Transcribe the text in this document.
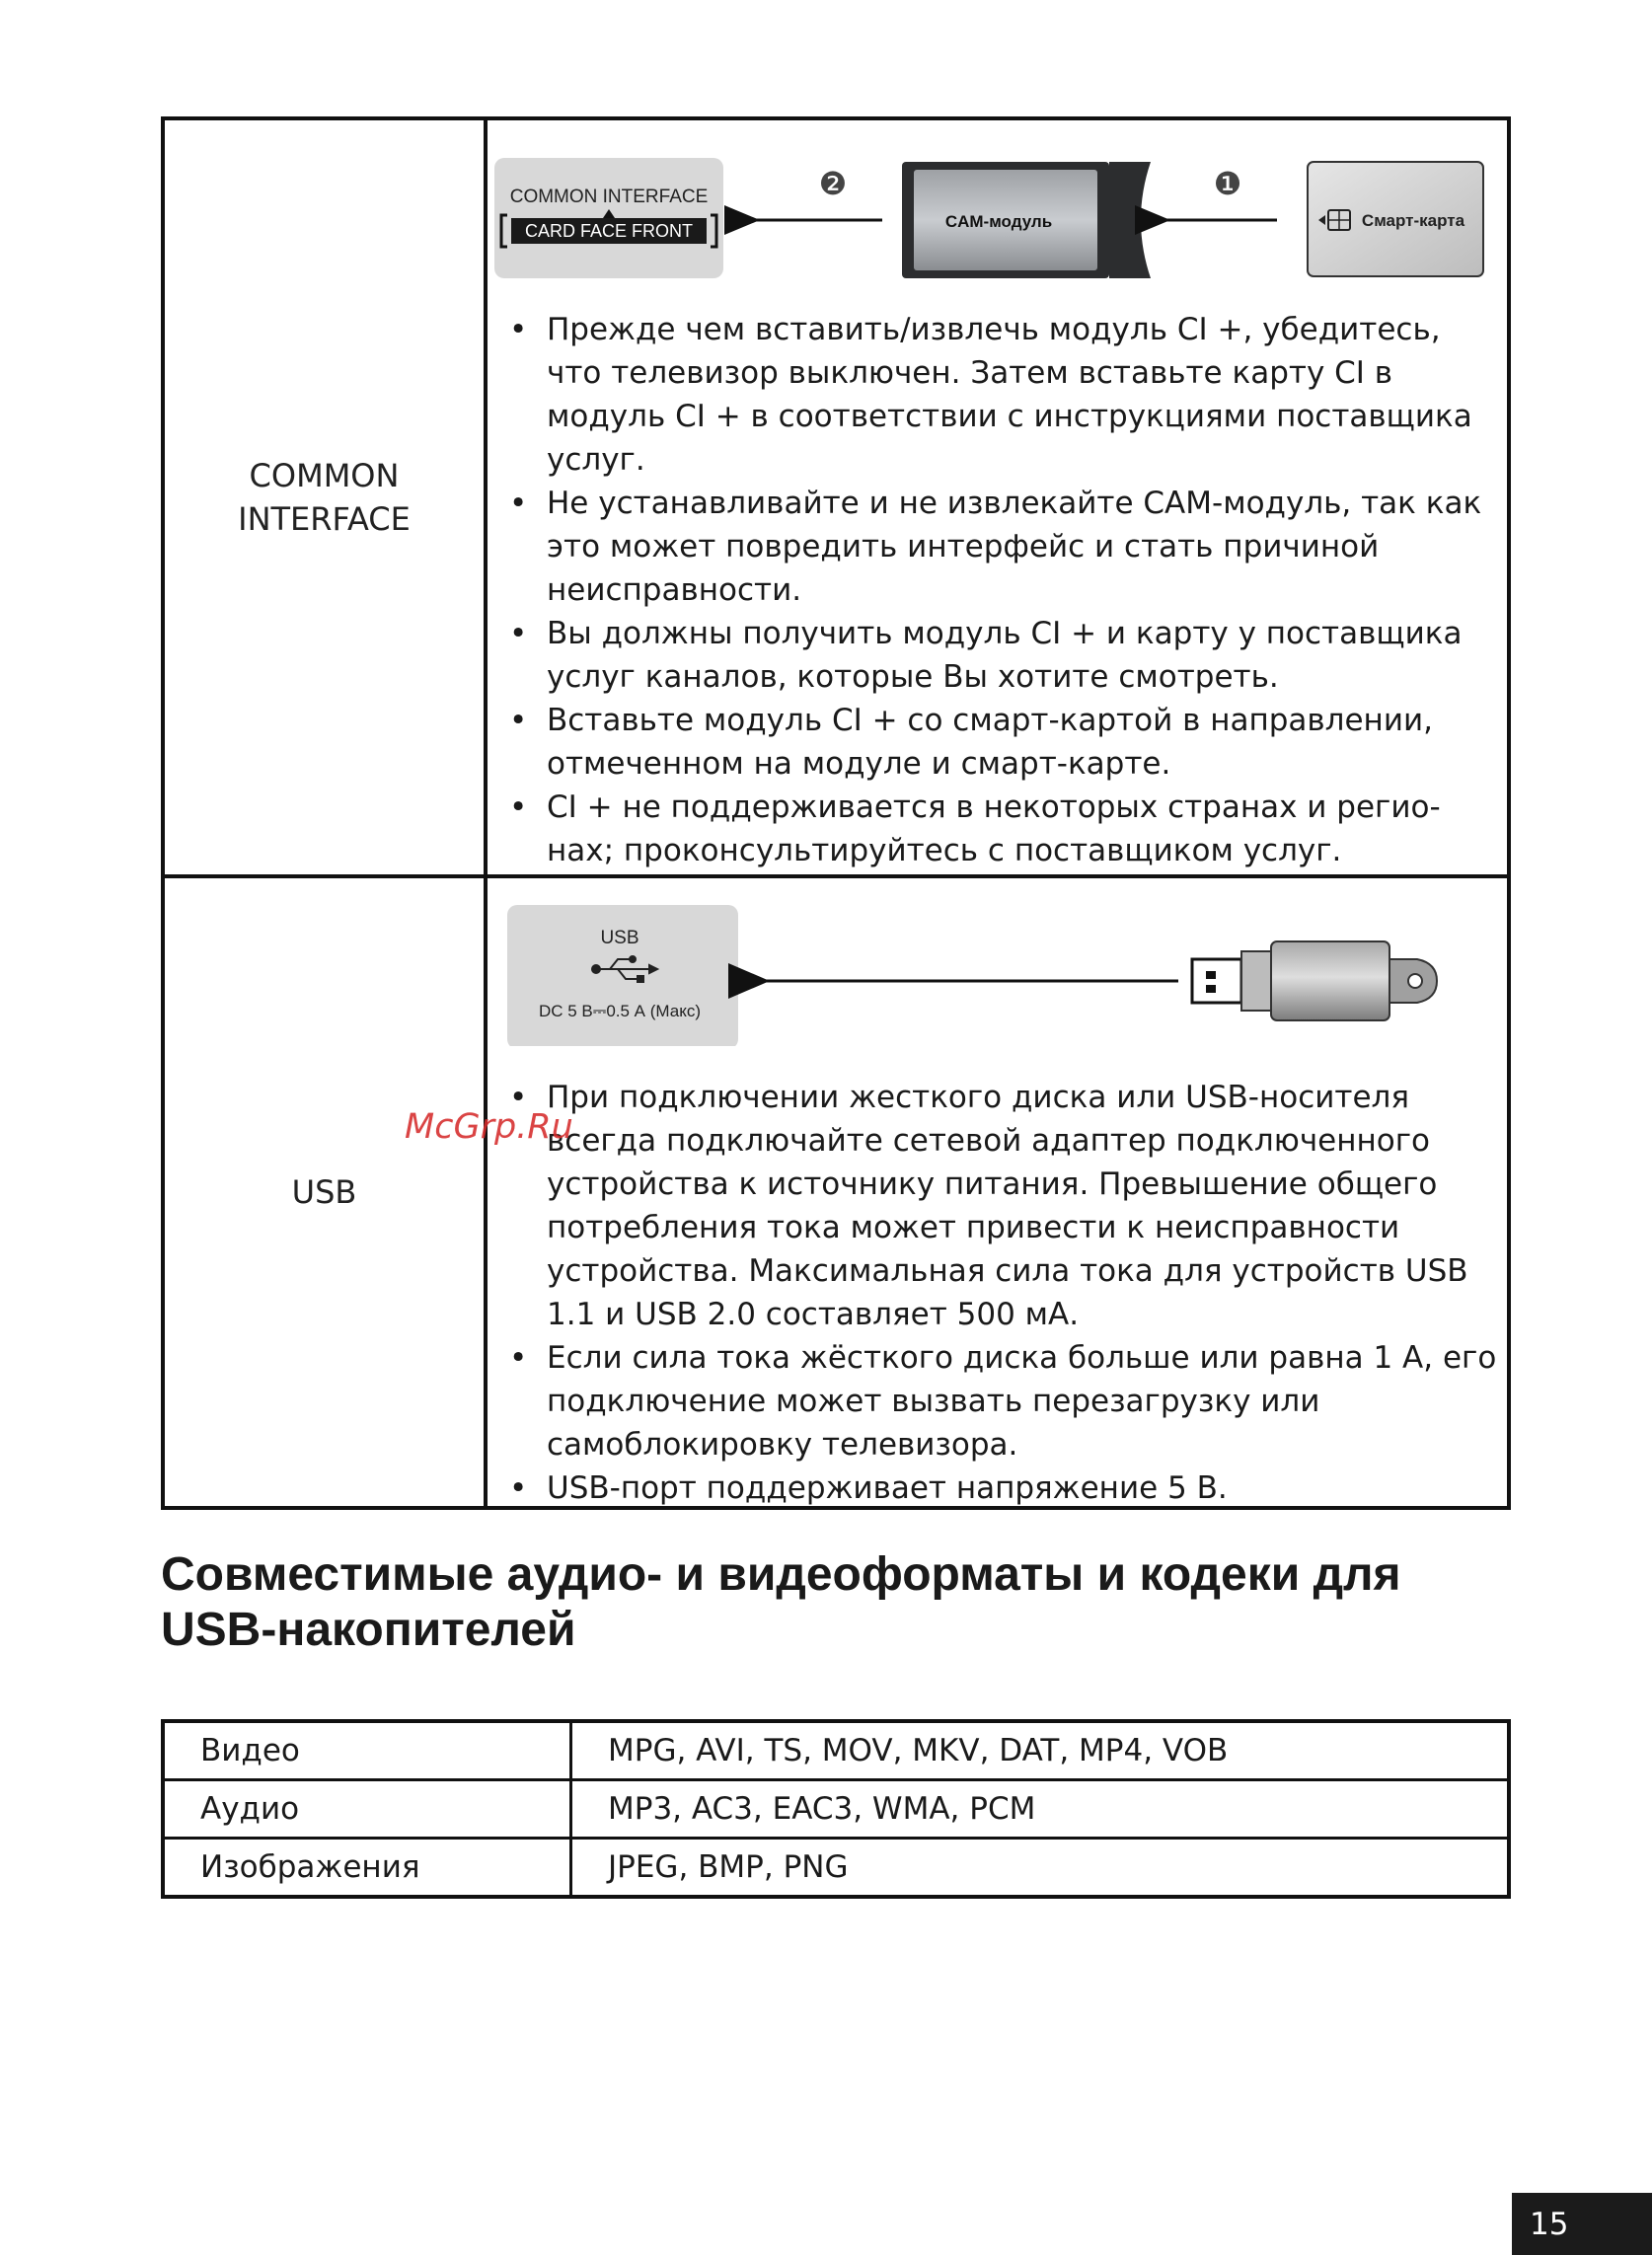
COMMON
INTERFACE
COMMON INTERFACE
CARD FACE FRONT
❷
CAM-модуль
❶
Смарт-карта
• Прежде чем вставить/извлечь модуль CI +, убедитесь, что телевизор выключен. Затем вставьте карту CI в модуль CI + в соответствии с инструкциями поставщика услуг.
• Не устанавливайте и не извлекайте CAM-модуль, так как это может повредить интерфейс и стать причиной неисправности.
• Вы должны получить модуль CI + и карту у поставщика услуг каналов, которые Вы хотите смотреть.
• Вставьте модуль CI + со смарт-картой в направлении, отмеченном на модуле и смарт-карте.
• CI + не поддерживается в некоторых странах и регио-нах; проконсультируйтесь с поставщиком услуг.
USB
USB
DC 5 В⎓0.5 А (Макс)
• При подключении жесткого диска или USB-носителя всегда подключайте сетевой адаптер подключенного устройства к источнику питания. Превышение общего потребления тока может привести к неисправности устройства. Максимальная сила тока для устройств USB 1.1 и USB 2.0 составляет 500 мА.
• Если сила тока жёсткого диска больше или равна 1 А, его подключение может вызвать перезагрузку или самоблокировку телевизора.
• USB-порт поддерживает напряжение 5 В.
McGrp.Ru
Совместимые аудио- и видеоформаты и кодеки для USB-накопителей
Видео	MPG, AVI, TS, MOV, MKV, DAT, MP4, VOB
Аудио	MP3, AC3, EAC3, WMA, PCM
Изображения	JPEG, BMP, PNG
15
